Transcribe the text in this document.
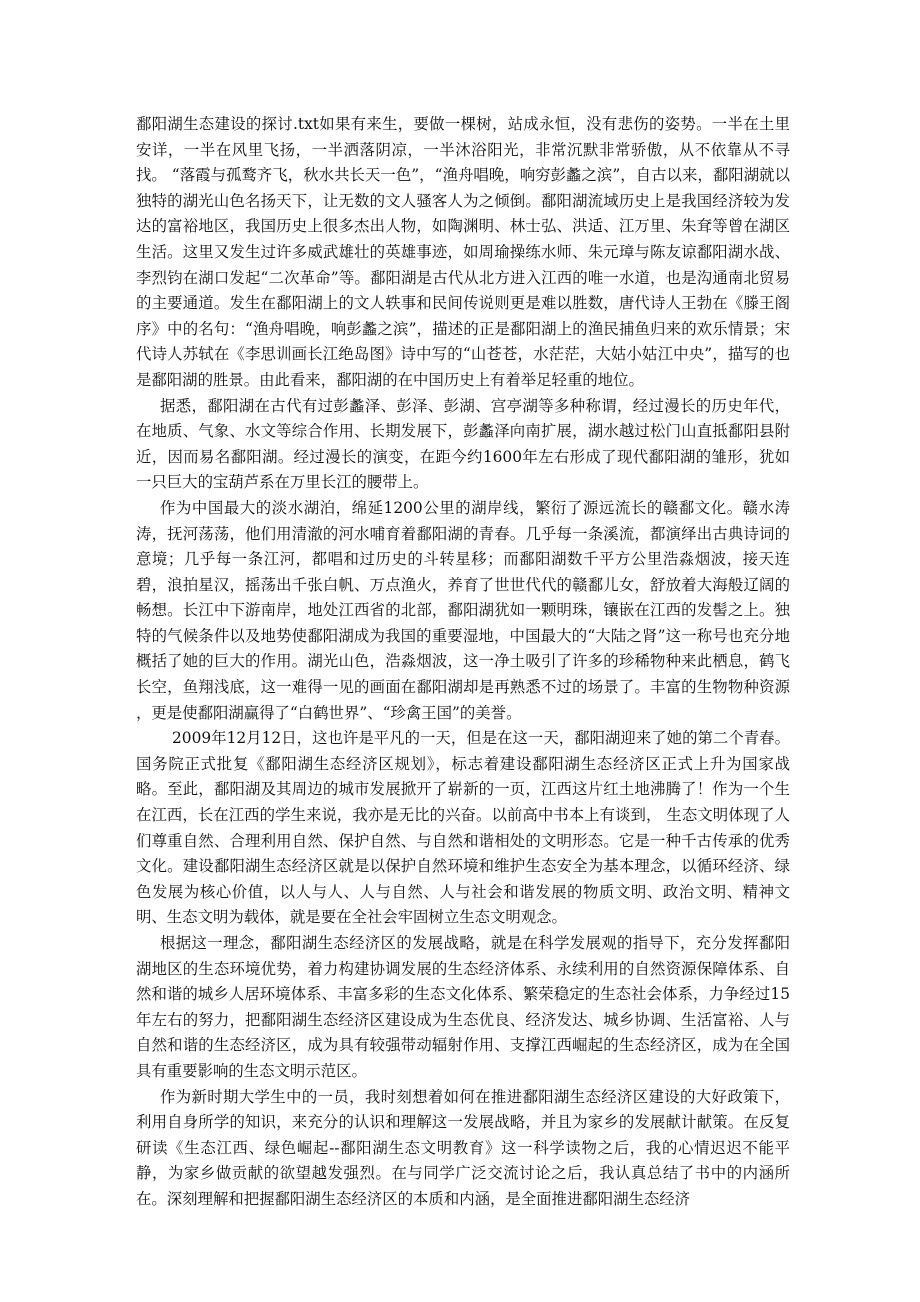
鄱阳湖生态建设的探讨.txt如果有来生，要做一棵树，站成永恒，没有悲伤的姿势。一半在土里安详，一半在风里飞扬，一半洒落阴凉，一半沐浴阳光，非常沉默非常骄傲，从不依靠从不寻找。 “落霞与孤鹜齐飞，秋水共长天一色”，“渔舟唱晚，响穷彭蠡之滨”，自古以来，鄱阳湖就以独特的湖光山色名扬天下，让无数的文人骚客人为之倾倒。鄱阳湖流域历史上是我国经济较为发达的富裕地区，我国历史上很多杰出人物，如陶渊明、林士弘、洪适、江万里、朱耷等曾在湖区生活。这里又发生过许多威武雄壮的英雄事迹，如周瑜操练水师、朱元璋与陈友谅鄱阳湖水战、李烈钧在湖口发起“二次革命”等。鄱阳湖是古代从北方进入江西的唯一水道，也是沟通南北贸易的主要通道。发生在鄱阳湖上的文人轶事和民间传说则更是难以胜数，唐代诗人王勃在《滕王阁序》中的名句：“渔舟唱晚，响彭蠡之滨”，描述的正是鄱阳湖上的渔民捕鱼归来的欢乐情景；宋代诗人苏轼在《李思训画长江绝岛图》诗中写的“山苍苍，水茫茫，大姑小姑江中央”，描写的也是鄱阳湖的胜景。由此看来，鄱阳湖的在中国历史上有着举足轻重的地位。

据悉，鄱阳湖在古代有过彭蠡泽、彭泽、彭湖、宫亭湖等多种称谓，经过漫长的历史年代，在地质、气象、水文等综合作用、长期发展下，彭蠡泽向南扩展，湖水越过松门山直抵鄱阳县附近，因而易名鄱阳湖。经过漫长的演变，在距今约1600年左右形成了现代鄱阳湖的雏形，犹如一只巨大的宝葫芦系在万里长江的腰带上。

作为中国最大的淡水湖泊，绵延1200公里的湖岸线，繁衍了源远流长的赣鄱文化。赣水涛涛，抚河荡荡，他们用清澈的河水哺育着鄱阳湖的青春。几乎每一条溪流，都演绎出古典诗词的意境；几乎每一条江河，都唱和过历史的斗转星移；而鄱阳湖数千平方公里浩淼烟波，接天连碧，浪拍星汉，摇荡出千张白帆、万点渔火，养育了世世代代的赣鄱儿女，舒放着大海般辽阔的畅想。长江中下游南岸，地处江西省的北部，鄱阳湖犹如一颗明珠，镶嵌在江西的发髻之上。独特的气候条件以及地势使鄱阳湖成为我国的重要湿地，中国最大的“大陆之肾”这一称号也充分地概括了她的巨大的作用。湖光山色，浩淼烟波，这一净土吸引了许多的珍稀物种来此栖息，鹤飞长空，鱼翔浅底，这一难得一见的画面在鄱阳湖却是再熟悉不过的场景了。丰富的生物物种资源 ，更是使鄱阳湖赢得了“白鹤世界”、“珍禽王国”的美誉。

2009年12月12日，这也许是平凡的一天，但是在这一天，鄱阳湖迎来了她的第二个青春。国务院正式批复《鄱阳湖生态经济区规划》，标志着建设鄱阳湖生态经济区正式上升为国家战略。至此，鄱阳湖及其周边的城市发展掀开了崭新的一页，江西这片红土地沸腾了！作为一个生在江西，长在江西的学生来说，我亦是无比的兴奋。以前高中书本上有谈到， 生态文明体现了人们尊重自然、合理利用自然、保护自然、与自然和谐相处的文明形态。它是一种千古传承的优秀文化。建设鄱阳湖生态经济区就是以保护自然环境和维护生态安全为基本理念，以循环经济、绿色发展为核心价值，以人与人、人与自然、人与社会和谐发展的物质文明、政治文明、精神文明、生态文明为载体，就是要在全社会牢固树立生态文明观念。

根据这一理念，鄱阳湖生态经济区的发展战略，就是在科学发展观的指导下，充分发挥鄱阳湖地区的生态环境优势，着力构建协调发展的生态经济体系、永续利用的自然资源保障体系、自然和谐的城乡人居环境体系、丰富多彩的生态文化体系、繁荣稳定的生态社会体系，力争经过15年左右的努力，把鄱阳湖生态经济区建设成为生态优良、经济发达、城乡协调、生活富裕、人与自然和谐的生态经济区，成为具有较强带动辐射作用、支撑江西崛起的生态经济区，成为在全国具有重要影响的生态文明示范区。

作为新时期大学生中的一员，我时刻想着如何在推进鄱阳湖生态经济区建设的大好政策下，利用自身所学的知识，来充分的认识和理解这一发展战略，并且为家乡的发展献计献策。在反复研读《生态江西、绿色崛起--鄱阳湖生态文明教育》这一科学读物之后，我的心情迟迟不能平静，为家乡做贡献的欲望越发强烈。在与同学广泛交流讨论之后，我认真总结了书中的内涵所在。深刻理解和把握鄱阳湖生态经济区的本质和内涵，是全面推进鄱阳湖生态经济
